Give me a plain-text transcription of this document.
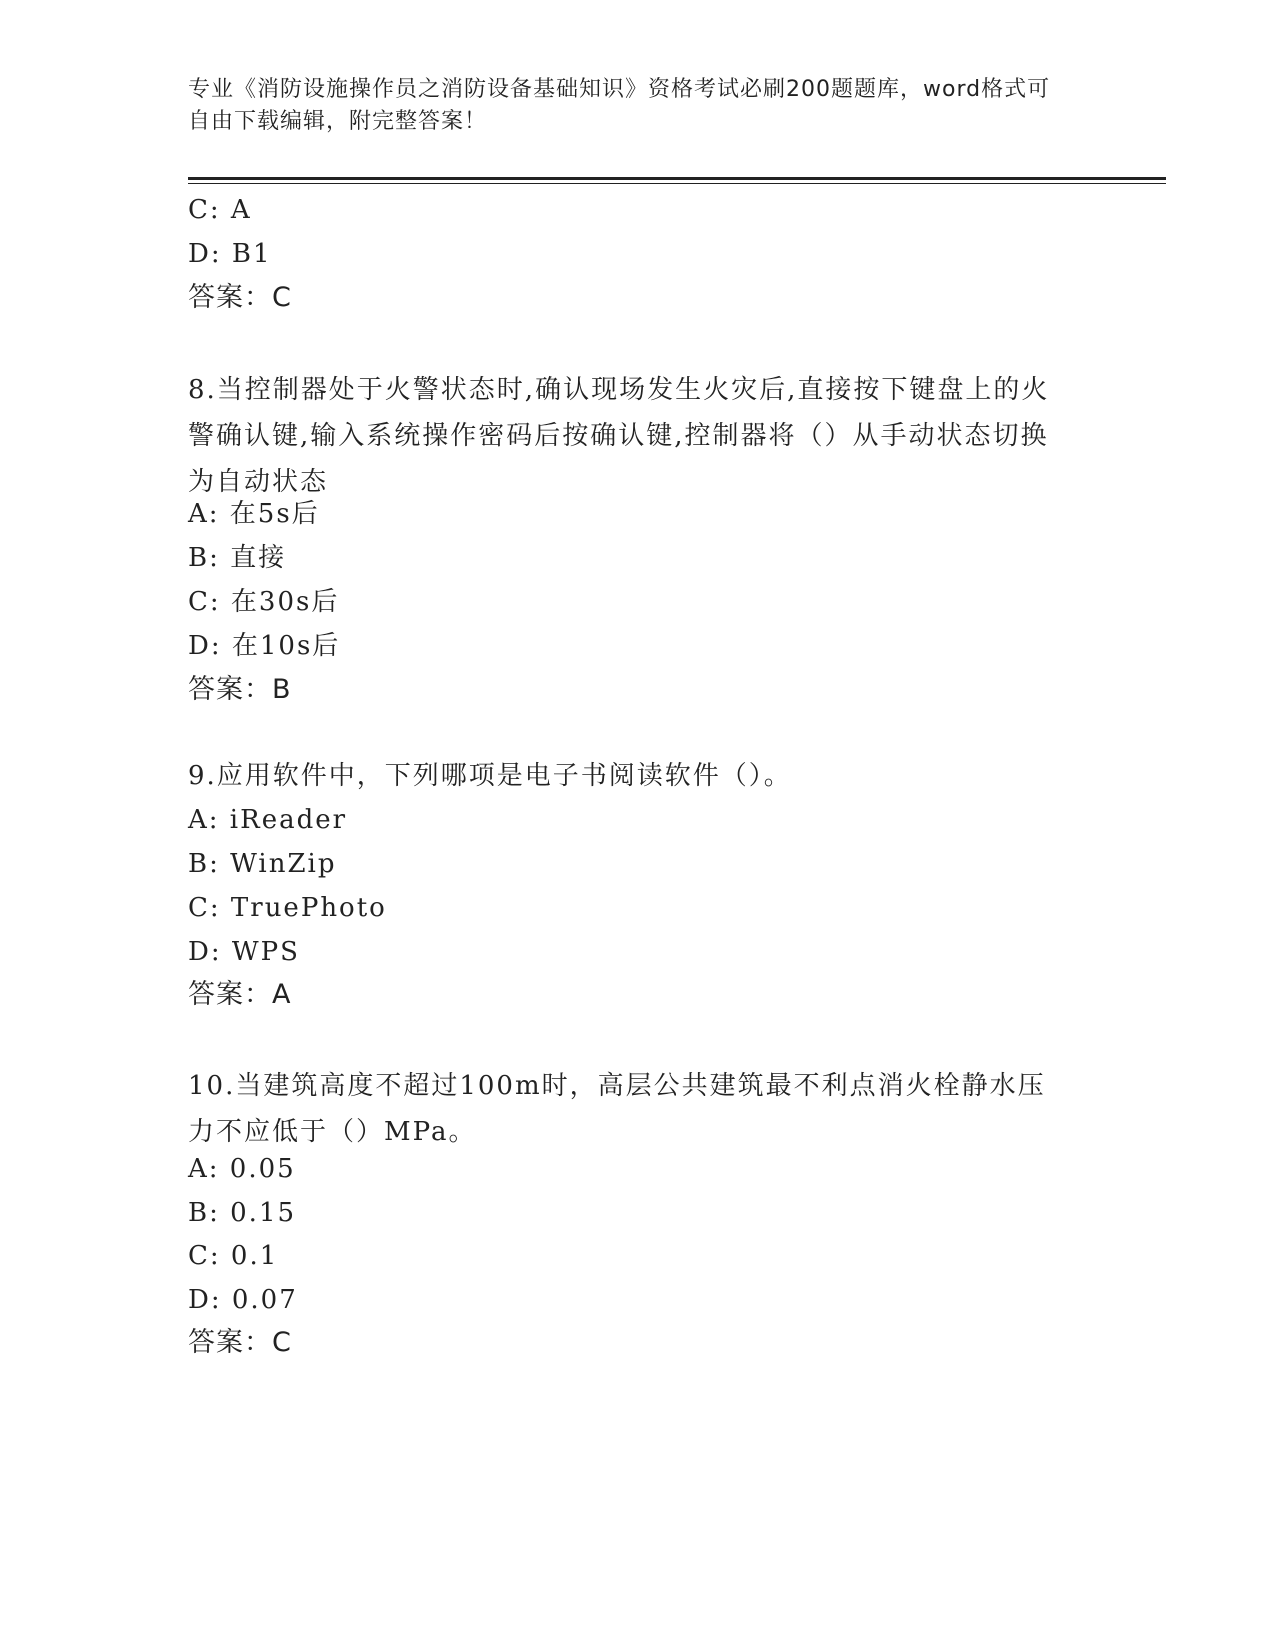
专业《消防设施操作员之消防设备基础知识》资格考试必刷200题题库，word格式可自由下载编辑，附完整答案！
C: A
D: B1
答案：C
8.当控制器处于火警状态时,确认现场发生火灾后,直接按下键盘上的火警确认键,输入系统操作密码后按确认键,控制器将（）从手动状态切换为自动状态
A: 在5s后
B: 直接
C: 在30s后
D: 在10s后
答案：B
9.应用软件中，下列哪项是电子书阅读软件（）。
A: iReader
B: WinZip
C: TruePhoto
D: WPS
答案：A
10.当建筑高度不超过100m时，高层公共建筑最不利点消火栓静水压力不应低于（）MPa。
A: 0.05
B: 0.15
C: 0.1
D: 0.07
答案：C
